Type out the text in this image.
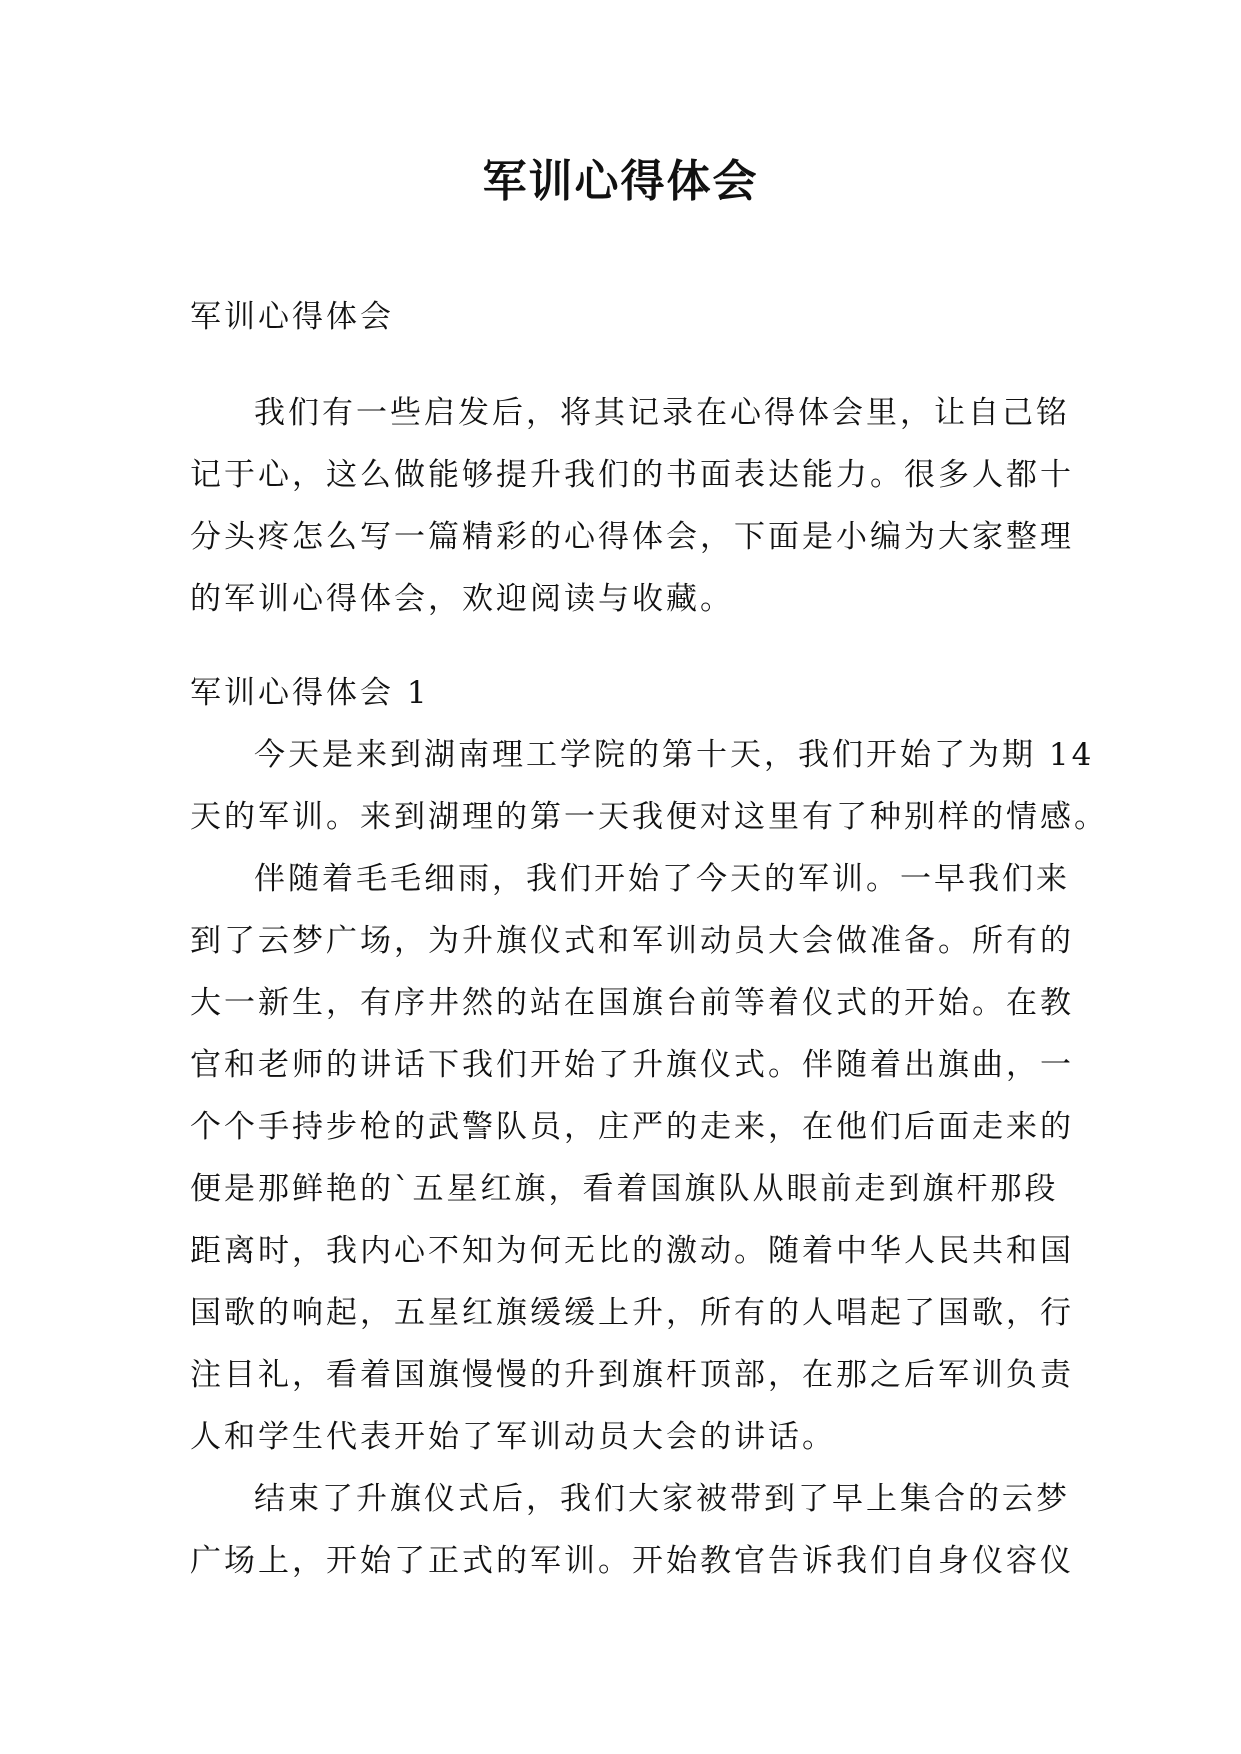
军训心得体会

军训心得体会

我们有一些启发后，将其记录在心得体会里，让自己铭

记于心，这么做能够提升我们的书面表达能力。很多人都十

分头疼怎么写一篇精彩的心得体会，下面是小编为大家整理

的军训心得体会，欢迎阅读与收藏。

军训心得体会 1

今天是来到湖南理工学院的第十天，我们开始了为期 14

天的军训。来到湖理的第一天我便对这里有了种别样的情感。

伴随着毛毛细雨，我们开始了今天的军训。一早我们来

到了云梦广场，为升旗仪式和军训动员大会做准备。所有的

大一新生，有序井然的站在国旗台前等着仪式的开始。在教

官和老师的讲话下我们开始了升旗仪式。伴随着出旗曲，一

个个手持步枪的武警队员，庄严的走来，在他们后面走来的

便是那鲜艳的`五星红旗，看着国旗队从眼前走到旗杆那段

距离时，我内心不知为何无比的激动。随着中华人民共和国

国歌的响起，五星红旗缓缓上升，所有的人唱起了国歌，行

注目礼，看着国旗慢慢的升到旗杆顶部，在那之后军训负责

人和学生代表开始了军训动员大会的讲话。

结束了升旗仪式后，我们大家被带到了早上集合的云梦

广场上，开始了正式的军训。开始教官告诉我们自身仪容仪
